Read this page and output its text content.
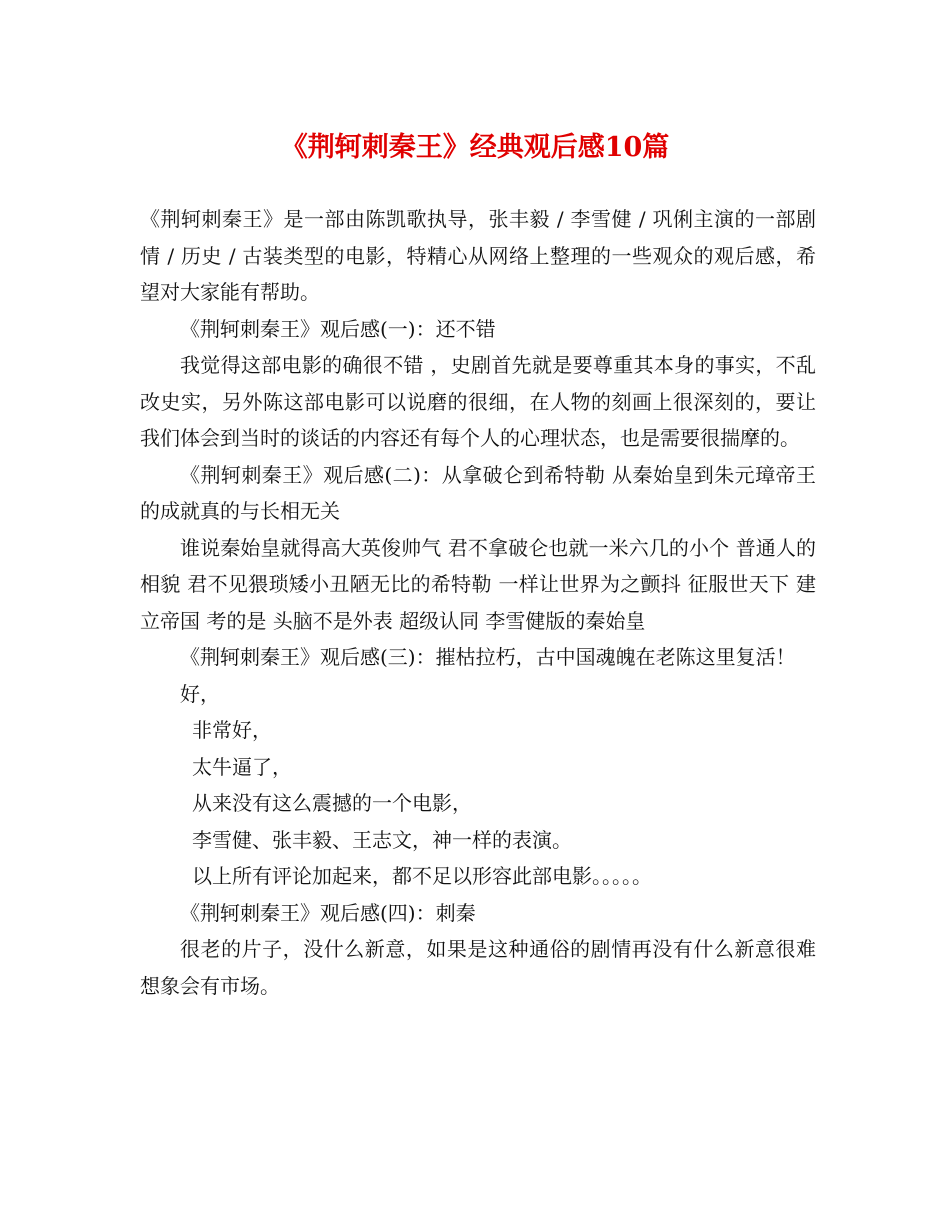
《荆轲刺秦王》经典观后感10篇

《荆轲刺秦王》是一部由陈凯歌执导，张丰毅 / 李雪健 / 巩俐主演的一部剧情 / 历史 / 古装类型的电影，特精心从网络上整理的一些观众的观后感，希望对大家能有帮助。

《荆轲刺秦王》观后感(一)：还不错

我觉得这部电影的确很不错 ，史剧首先就是要尊重其本身的事实，不乱改史实，另外陈这部电影可以说磨的很细，在人物的刻画上很深刻的，要让我们体会到当时的谈话的内容还有每个人的心理状态，也是需要很揣摩的。

《荆轲刺秦王》观后感(二)：从拿破仑到希特勒 从秦始皇到朱元璋帝王的成就真的与长相无关

谁说秦始皇就得高大英俊帅气 君不拿破仑也就一米六几的小个 普通人的相貌 君不见猥琐矮小丑陋无比的希特勒 一样让世界为之颤抖 征服世天下 建立帝国 考的是 头脑不是外表 超级认同 李雪健版的秦始皇

《荆轲刺秦王》观后感(三)：摧枯拉朽，古中国魂魄在老陈这里复活！

好，

非常好，

太牛逼了，

从来没有这么震撼的一个电影，

李雪健、张丰毅、王志文，神一样的表演。

以上所有评论加起来，都不足以形容此部电影。。。。。

《荆轲刺秦王》观后感(四)：刺秦

很老的片子，没什么新意，如果是这种通俗的剧情再没有什么新意很难想象会有市场。
